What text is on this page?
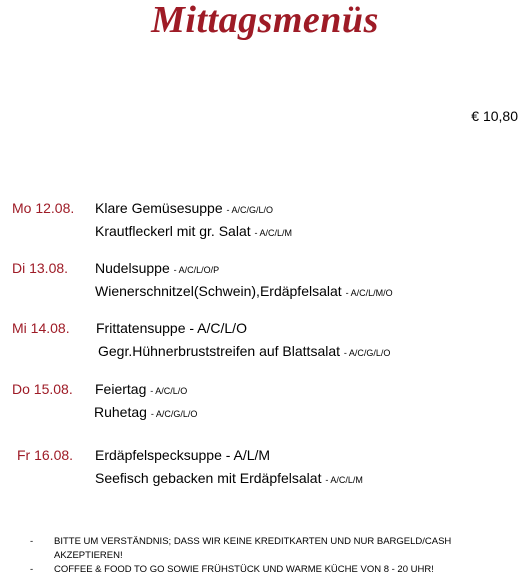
Mittagsmenüs
€ 10,80
Mo 12.08. Klare Gemüsesuppe - A/C/G/L/O
Krautfleckerl mit gr. Salat - A/C/L/M
Di 13.08. Nudelsuppe - A/C/L/O/P
Wienerschnitzel(Schwein),Erdäpfelsalat - A/C/L/M/O
Mi 14.08. Frittatensuppe - A/C/L/O
Gegr.Hühnerbruststreifen auf Blattsalat - A/C/G/L/O
Do 15.08. Feiertag - A/C/L/O
Ruhetag - A/C/G/L/O
Fr 16.08. Erdäpfelspecksuppe - A/L/M
Seefisch gebacken mit Erdäpfelsalat - A/C/L/M
- BITTE UM VERSTÄNDNIS; DASS WIR KEINE KREDITKARTEN UND NUR BARGELD/CASH AKZEPTIEREN!
- COFFEE & FOOD TO GO SOWIE FRÜHSTÜCK UND WARME KÜCHE VON 8 - 20 UHR!
